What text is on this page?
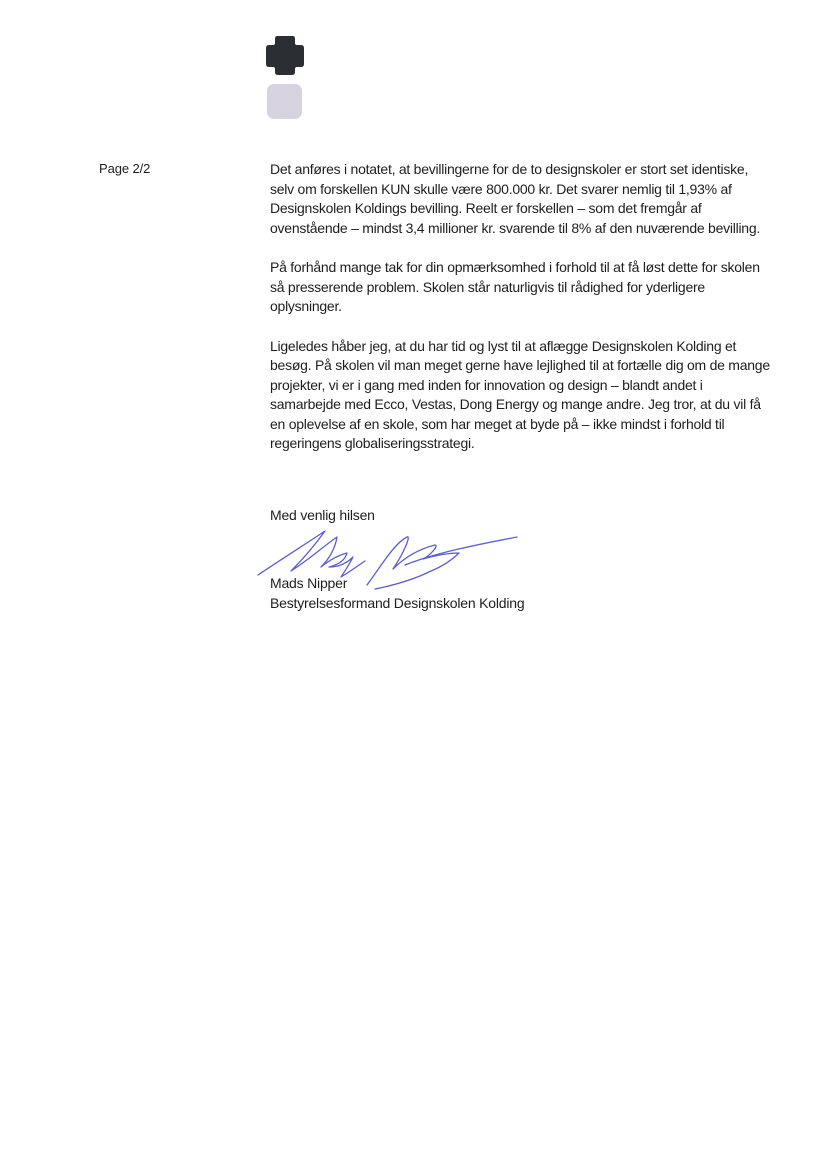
Page 2/2	Det anføres i notatet, at bevillingerne for de to designskoler er stort set identiske, selv om forskellen KUN skulle være 800.000 kr. Det svarer nemlig til 1,93% af Designskolen Koldings bevilling. Reelt er forskellen – som det fremgår af ovenstående – mindst 3,4 millioner kr. svarende til 8% af den nuværende bevilling.

På forhånd mange tak for din opmærksomhed i forhold til at få løst dette for skolen så presserende problem. Skolen står naturligvis til rådighed for yderligere oplysninger.

Ligeledes håber jeg, at du har tid og lyst til at aflægge Designskolen Kolding et besøg. På skolen vil man meget gerne have lejlighed til at fortælle dig om de mange projekter, vi er i gang med inden for innovation og design – blandt andet i samarbejde med Ecco, Vestas, Dong Energy og mange andre. Jeg tror, at du vil få en oplevelse af en skole, som har meget at byde på – ikke mindst i forhold til regeringens globaliseringsstrategi.

Med venlig hilsen
Mads Nipper
Bestyrelsesformand Designskolen Kolding
